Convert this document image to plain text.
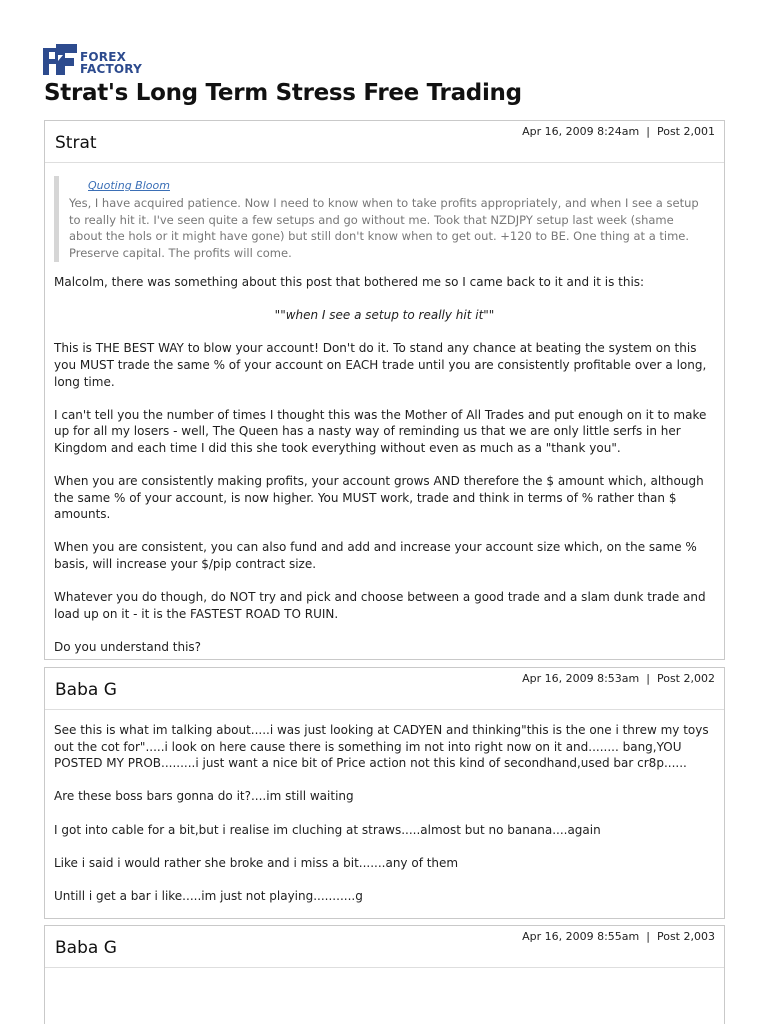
FOREX
FACTORY
Strat's Long Term Stress Free Trading
Strat
Apr 16, 2009 8:24am | Post 2,001
Quoting Bloom
Yes, I have acquired patience. Now I need to know when to take profits appropriately, and when I see a setup to really hit it. I've seen quite a few setups and go without me. Took that NZDJPY setup last week (shame about the hols or it might have gone) but still don't know when to get out. +120 to BE. One thing at a time. Preserve capital. The profits will come.

Malcolm, there was something about this post that bothered me so I came back to it and it is this:

""when I see a setup to really hit it""

This is THE BEST WAY to blow your account! Don't do it. To stand any chance at beating the system on this you MUST trade the same % of your account on EACH trade until you are consistently profitable over a long, long time.

I can't tell you the number of times I thought this was the Mother of All Trades and put enough on it to make up for all my losers - well, The Queen has a nasty way of reminding us that we are only little serfs in her Kingdom and each time I did this she took everything without even as much as a "thank you".

When you are consistently making profits, your account grows AND therefore the $ amount which, although the same % of your account, is now higher. You MUST work, trade and think in terms of % rather than $ amounts.

When you are consistent, you can also fund and add and increase your account size which, on the same % basis, will increase your $/pip contract size.

Whatever you do though, do NOT try and pick and choose between a good trade and a slam dunk trade and load up on it - it is the FASTEST ROAD TO RUIN.

Do you understand this?

Baba G
Apr 16, 2009 8:53am | Post 2,002

See this is what im talking about.....i was just looking at CADYEN and thinking"this is the one i threw my toys out the cot for".....i look on here cause there is something im not into right now on it and........ bang,YOU POSTED MY PROB.........i just want a nice bit of Price action not this kind of secondhand,used bar cr8p......

Are these boss bars gonna do it?....im still waiting

I got into cable for a bit,but i realise im cluching at straws.....almost but no banana....again

Like i said i would rather she broke and i miss a bit.......any of them

Untill i get a bar i like.....im just not playing...........g

Baba G
Apr 16, 2009 8:55am | Post 2,003
